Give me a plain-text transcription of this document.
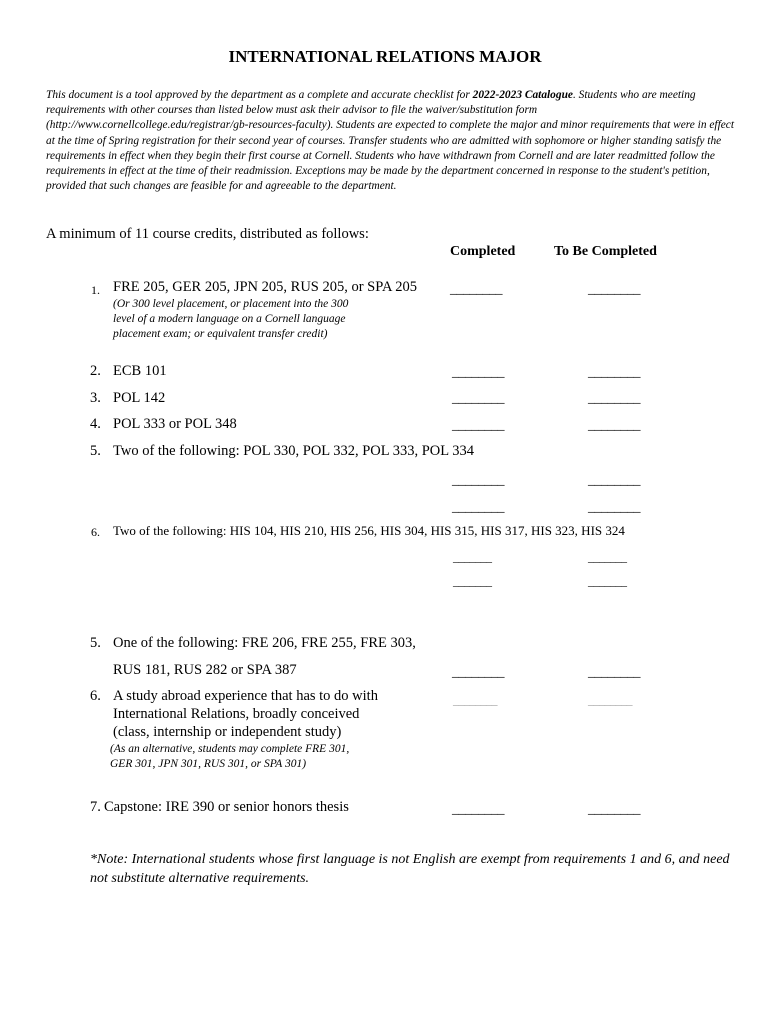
INTERNATIONAL RELATIONS MAJOR
This document is a tool approved by the department as a complete and accurate checklist for 2022-2023 Catalogue. Students who are meeting requirements with other courses than listed below must ask their advisor to file the waiver/substitution form (http://www.cornellcollege.edu/registrar/gb-resources-faculty). Students are expected to complete the major and minor requirements that were in effect at the time of Spring registration for their second year of courses. Transfer students who are admitted with sophomore or higher standing satisfy the requirements in effect when they begin their first course at Cornell. Students who have withdrawn from Cornell and are later readmitted follow the requirements in effect at the time of their readmission. Exceptions may be made by the department concerned in response to the student's petition, provided that such changes are feasible for and agreeable to the department.
A minimum of 11 course credits, distributed as follows:
Completed	To Be Completed
1. FRE 205, GER 205, JPN 205, RUS 205, or SPA 205
(Or 300 level placement, or placement into the 300
level of a modern language on a Cornell language
placement exam; or equivalent transfer credit)
________	________
2. ECB 101	________	________
3. POL 142	________	________
4. POL 333 or POL 348	________	________
5. Two of the following: POL 330, POL 332, POL 333, POL 334
________	________
________	________
6. Two of the following: HIS 104, HIS 210, HIS 256, HIS 304, HIS 315, HIS 317, HIS 323, HIS 324
_______	_______
_______	_______
5. One of the following: FRE 206, FRE 255, FRE 303,
RUS 181, RUS 282 or SPA 387	________	________
6. A study abroad experience that has to do with
International Relations, broadly conceived
(class, internship or independent study)
(As an alternative, students may complete FRE 301,
GER 301, JPN 301, RUS 301, or SPA 301)
________	________
7. Capstone: IRE 390 or senior honors thesis	________	________
*Note: International students whose first language is not English are exempt from requirements 1 and 6, and need not substitute alternative requirements.
